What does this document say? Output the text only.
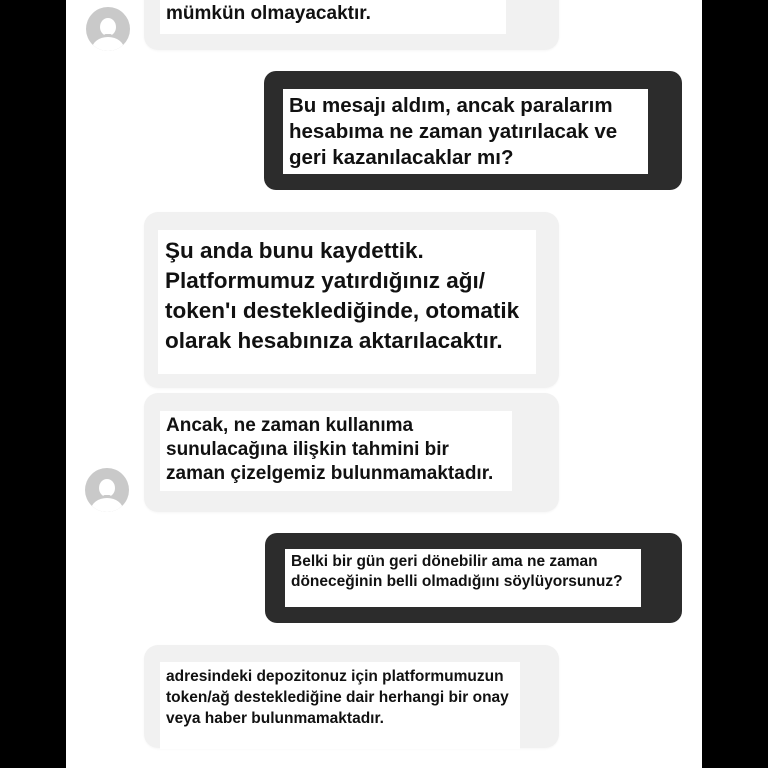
mümkün olmayacaktır.
Bu mesajı aldım, ancak paralarım
hesabıma ne zaman yatırılacak ve
geri kazanılacaklar mı?
Şu anda bunu kaydettik.
Platformumuz yatırdığınız ağı/
token'ı desteklediğinde, otomatik
olarak hesabınıza aktarılacaktır.
Ancak, ne zaman kullanıma
sunulacağına ilişkin tahmini bir
zaman çizelgemiz bulunmamaktadır.
Belki bir gün geri dönebilir ama ne zaman
döneceğinin belli olmadığını söylüyorsunuz?
adresindeki depozitonuz için platformumuzun
token/ağ desteklediğine dair herhangi bir onay
veya haber bulunmamaktadır.
